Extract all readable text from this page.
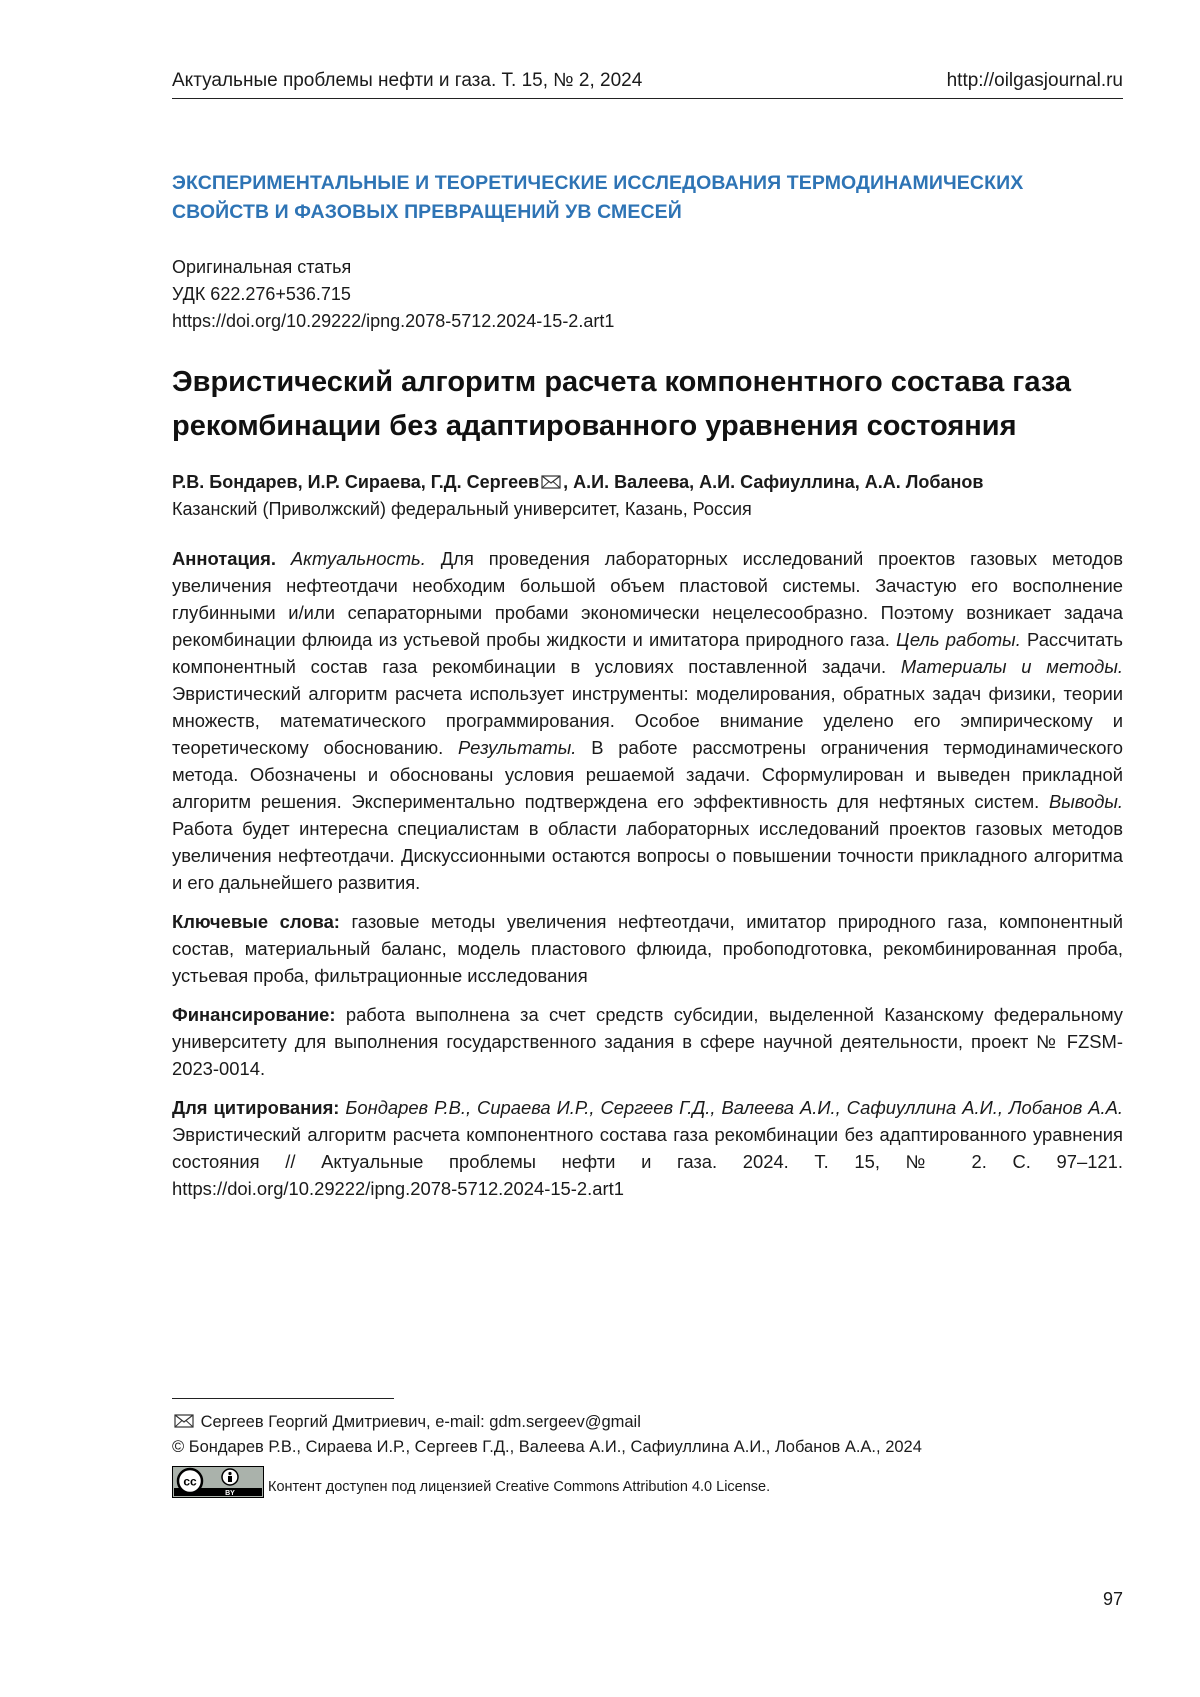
Актуальные проблемы нефти и газа. Т. 15, № 2, 2024	http://oilgasjournal.ru
ЭКСПЕРИМЕНТАЛЬНЫЕ И ТЕОРЕТИЧЕСКИЕ ИССЛЕДОВАНИЯ ТЕРМОДИНАМИЧЕСКИХ
СВОЙСТВ И ФАЗОВЫХ ПРЕВРАЩЕНИЙ УВ СМЕСЕЙ
Оригинальная статья
УДК 622.276+536.715
https://doi.org/10.29222/ipng.2078-5712.2024-15-2.art1
Эвристический алгоритм расчета компонентного состава газа
рекомбинации без адаптированного уравнения состояния
Р.В. Бондарев, И.Р. Сираева, Г.Д. Сергеев , А.И. Валеева, А.И. Сафиуллина, А.А. Лобанов
Казанский (Приволжский) федеральный университет, Казань, Россия
Аннотация. Актуальность. Для проведения лабораторных исследований проектов газовых методов увеличения нефтеотдачи необходим большой объем пластовой системы. Зачастую его восполнение глубинными и/или сепараторными пробами экономически нецелесообразно. Поэтому возникает задача рекомбинации флюида из устьевой пробы жидкости и имитатора природного газа. Цель работы. Рассчитать компонентный состав газа рекомбинации в условиях поставленной задачи. Материалы и методы. Эвристический алгоритм расчета использует инструменты: моделирования, обратных задач физики, теории множеств, математического программирования. Особое внимание уделено его эмпирическому и теоретическому обоснованию. Результаты. В работе рассмотрены ограничения термодинамического метода. Обозначены и обоснованы условия решаемой задачи. Сформулирован и выведен прикладной алгоритм решения. Экспериментально подтверждена его эффективность для нефтяных систем. Выводы. Работа будет интересна специалистам в области лабораторных исследований проектов газовых методов увеличения нефтеотдачи. Дискуссионными остаются вопросы о повышении точности прикладного алгоритма и его дальнейшего развития.
Ключевые слова: газовые методы увеличения нефтеотдачи, имитатор природного газа, компонентный состав, материальный баланс, модель пластового флюида, пробоподготовка, рекомбинированная проба, устьевая проба, фильтрационные исследования
Финансирование: работа выполнена за счет средств субсидии, выделенной Казанскому федеральному университету для выполнения государственного задания в сфере научной деятельности, проект № FZSM-2023-0014.
Для цитирования: Бондарев Р.В., Сираева И.Р., Сергеев Г.Д., Валеева А.И., Сафиуллина А.И., Лобанов А.А. Эвристический алгоритм расчета компонентного состава газа рекомбинации без адаптированного уравнения состояния // Актуальные проблемы нефти и газа. 2024. Т. 15, № 2. С. 97–121. https://doi.org/10.29222/ipng.2078-5712.2024-15-2.art1
Сергеев Георгий Дмитриевич, e-mail: gdm.sergeev@gmail
© Бондарев Р.В., Сираева И.Р., Сергеев Г.Д., Валеева А.И., Сафиуллина А.И., Лобанов А.А., 2024
cc
BY Контент доступен под лицензией Creative Commons Attribution 4.0 License.
97
